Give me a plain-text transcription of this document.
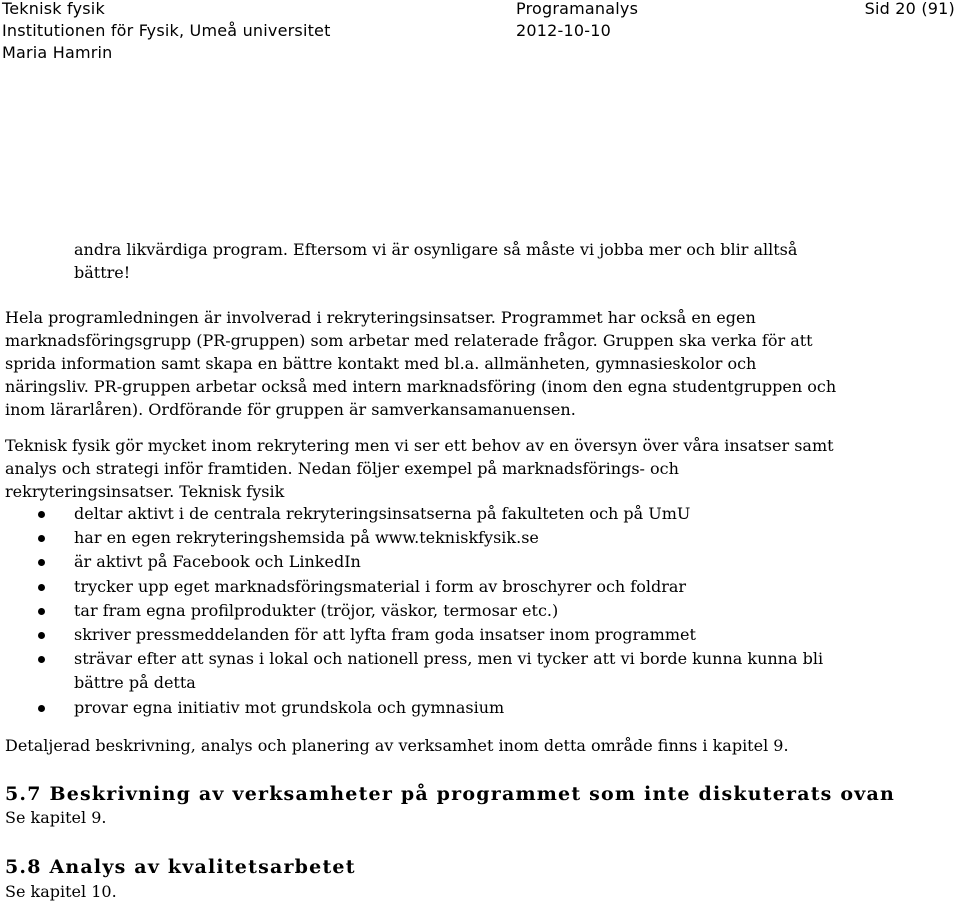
Teknisk fysik
Institutionen för Fysik, Umeå universitet
Maria Hamrin
Programanalys
2012-10-10
Sid 20 (91)

andra likvärdiga program. Eftersom vi är osynligare så måste vi jobba mer och blir alltså

bättre!

Hela programledningen är involverad i rekryteringsinsatser. Programmet har också en egen

marknadsföringsgrupp (PR-gruppen) som arbetar med relaterade frågor. Gruppen ska verka för att

sprida information samt skapa en bättre kontakt med bl.a. allmänheten, gymnasieskolor och

näringsliv. PR-gruppen arbetar också med intern marknadsföring (inom den egna studentgruppen och

inom lärarlåren). Ordförande för gruppen är samverkansamanuensen.

Teknisk fysik gör mycket inom rekrytering men vi ser ett behov av en översyn över våra insatser samt

analys och strategi inför framtiden. Nedan följer exempel på marknadsförings- och

rekryteringsinsatser. Teknisk fysik

deltar aktivt i de centrala rekryteringsinsatserna på fakulteten och på UmU
har en egen rekryteringshemsida på www.tekniskfysik.se
är aktivt på Facebook och LinkedIn
trycker upp eget marknadsföringsmaterial i form av broschyrer och foldrar
tar fram egna profilprodukter (tröjor, väskor, termosar etc.)
skriver pressmeddelanden för att lyfta fram goda insatser inom programmet
strävar efter att synas i lokal och nationell press, men vi tycker att vi borde kunna kunna bli
bättre på detta
provar egna initiativ mot grundskola och gymnasium

Detaljerad beskrivning, analys och planering av verksamhet inom detta område finns i kapitel 9.

5.7 Beskrivning av verksamheter på programmet som inte diskuterats ovan
Se kapitel 9.
5.8 Analys av kvalitetsarbetet
Se kapitel 10.
